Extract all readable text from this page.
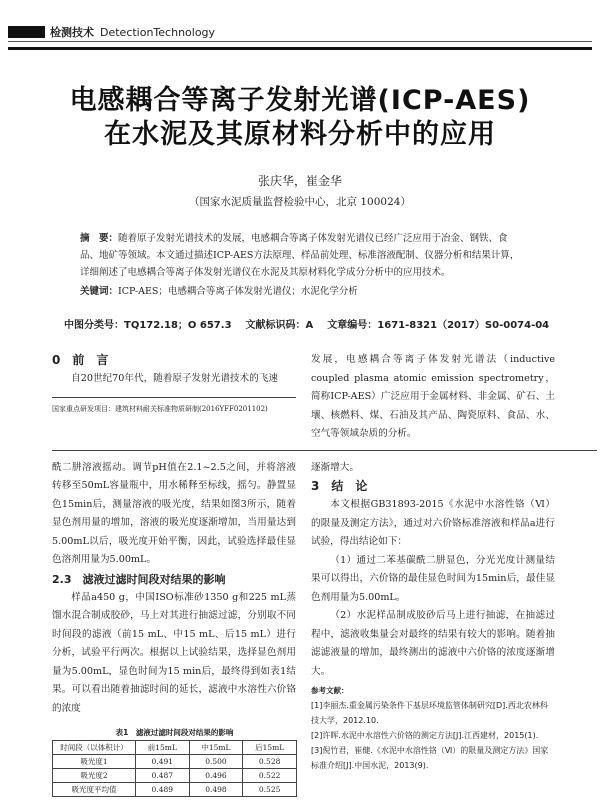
检测技术 DetectionTechnology
电感耦合等离子发射光谱(ICP-AES)
在水泥及其原材料分析中的应用
张庆华，崔金华
（国家水泥质量监督检验中心，北京 100024）
摘　要：随着原子发射光谱技术的发展，电感耦合等离子体发射光谱仪已经广泛应用于冶金、钢铁、食品、地矿等领域。本文通过描述ICP-AES方法原理、样品前处理、标准溶液配制、仪器分析和结果计算，详细阐述了电感耦合等离子体发射光谱仪在水泥及其原材料化学成分分析中的应用技术。
关键词：ICP-AES；电感耦合等离子体发射光谱仪；水泥化学分析
中图分类号：TQ172.18；O 657.3 文献标识码：A 文章编号：1671-8321（2017）S0-0074-04
0　前　言
自20世纪70年代，随着原子发射光谱技术的飞速
国家重点研发项目：建筑材料耐关标准物质研制(2016YFF0201102)
发展，电感耦合等离子体发射光谱法（inductive coupled plasma atomic emission spectrometry，简称ICP-AES）广泛应用于金属材料、非金属、矿石、土壤、核燃料、煤、石油及其产品、陶瓷原料、食品、水、空气等领域杂质的分析。
酰二肼溶液摇动。调节pH值在2.1~2.5之间，并将溶液转移至50mL容量瓶中，用水稀释至标线，摇匀。静置显色15min后，测量溶液的吸光度，结果如图3所示，随着显色剂用量的增加，溶液的吸光度逐渐增加，当用量达到5.00mL以后，吸光度开始平衡，因此，试验选择最佳显色溶剂用量为5.00mL。
2.3　滤液过滤时间段对结果的影响
样品a450 g，中国ISO标准砂1350 g和225 mL蒸馏水混合制成胶砂，马上对其进行抽滤过滤，分别取不同时间段的滤液（前15 mL、中15 mL、后15 mL）进行分析，试验平行两次。根据以上试验结果，选择显色剂用量为5.00mL，显色时间为15 min后，最终得到如表1结果。可以看出随着抽滤时间的延长，滤液中水溶性六价铬的浓度
表1　滤液过滤时间段对结果的影响
时间段（以体积计）	前15mL	中15mL	后15mL
吸光度1	0.491	0.500	0.528
吸光度2	0.487	0.496	0.522
吸光度平均值	0.489	0.498	0.525
逐渐增大。
3　结　论
本文根据GB31893-2015《水泥中水溶性铬（Ⅵ）的限量及测定方法》，通过对六价铬标准溶液和样品a进行试验，得出结论如下：
（1）通过二苯基碳酰二肼显色，分光光度计测量结果可以得出，六价铬的最佳显色时间为15min后，最佳显色剂用量为5.00mL。
（2）水泥样品制成胶砂后马上进行抽滤，在抽滤过程中，滤液收集量会对最终的结果有较大的影响。随着抽滤滤液量的增加，最终测出的滤液中六价铬的浓度逐渐增大。
参考文献：
[1]李丽杰.重金属污染条件下基层环境监管体制研究[D].西北农林科技大学，2012.10.
[2]许晖.水泥中水溶性六价铬的测定方法[J].江西建材，2015(1).
[3]倪竹君，崔健.《水泥中水溶性铬（Ⅵ）的限量及测定方法》国家标准介绍[J].中国水泥，2013(9).
